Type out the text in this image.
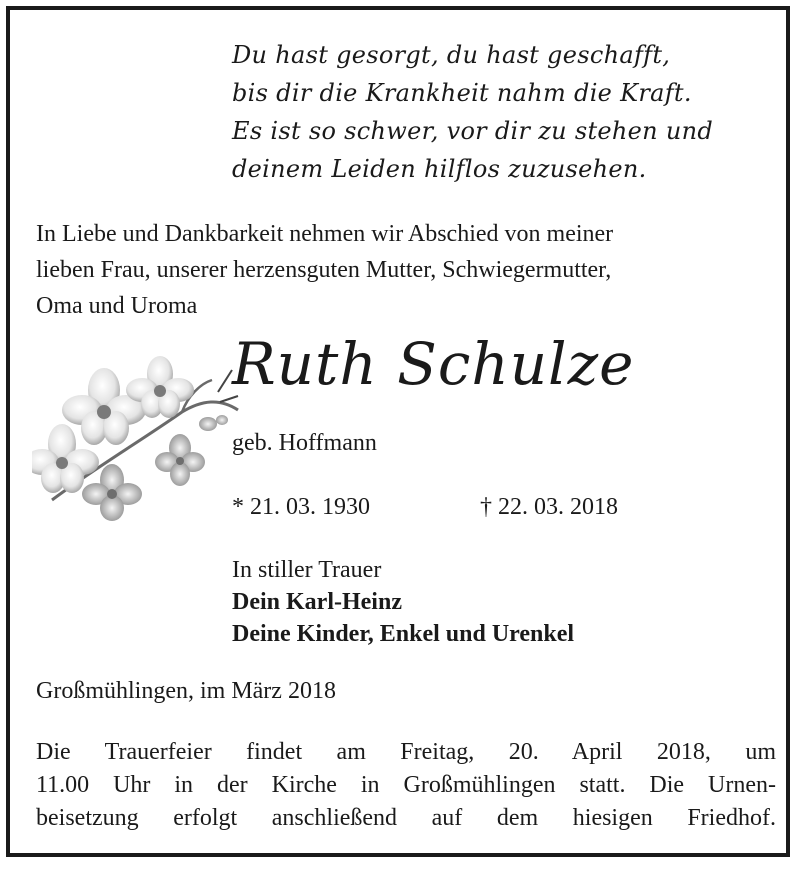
Du hast gesorgt, du hast geschafft,
bis dir die Krankheit nahm die Kraft.
Es ist so schwer, vor dir zu stehen und
deinem Leiden hilflos zuzusehen.
In Liebe und Dankbarkeit nehmen wir Abschied von meiner
lieben Frau, unserer herzensguten Mutter, Schwiegermutter,
Oma und Uroma
Ruth Schulze
geb. Hoffmann
* 21. 03. 1930	† 22. 03. 2018
In stiller Trauer
Dein Karl-Heinz
Deine Kinder, Enkel und Urenkel
Großmühlingen, im März 2018
Die Trauerfeier findet am Freitag, 20. April 2018, um
11.00 Uhr in der Kirche in Großmühlingen statt. Die Urnen-
beisetzung erfolgt anschließend auf dem hiesigen Friedhof.
